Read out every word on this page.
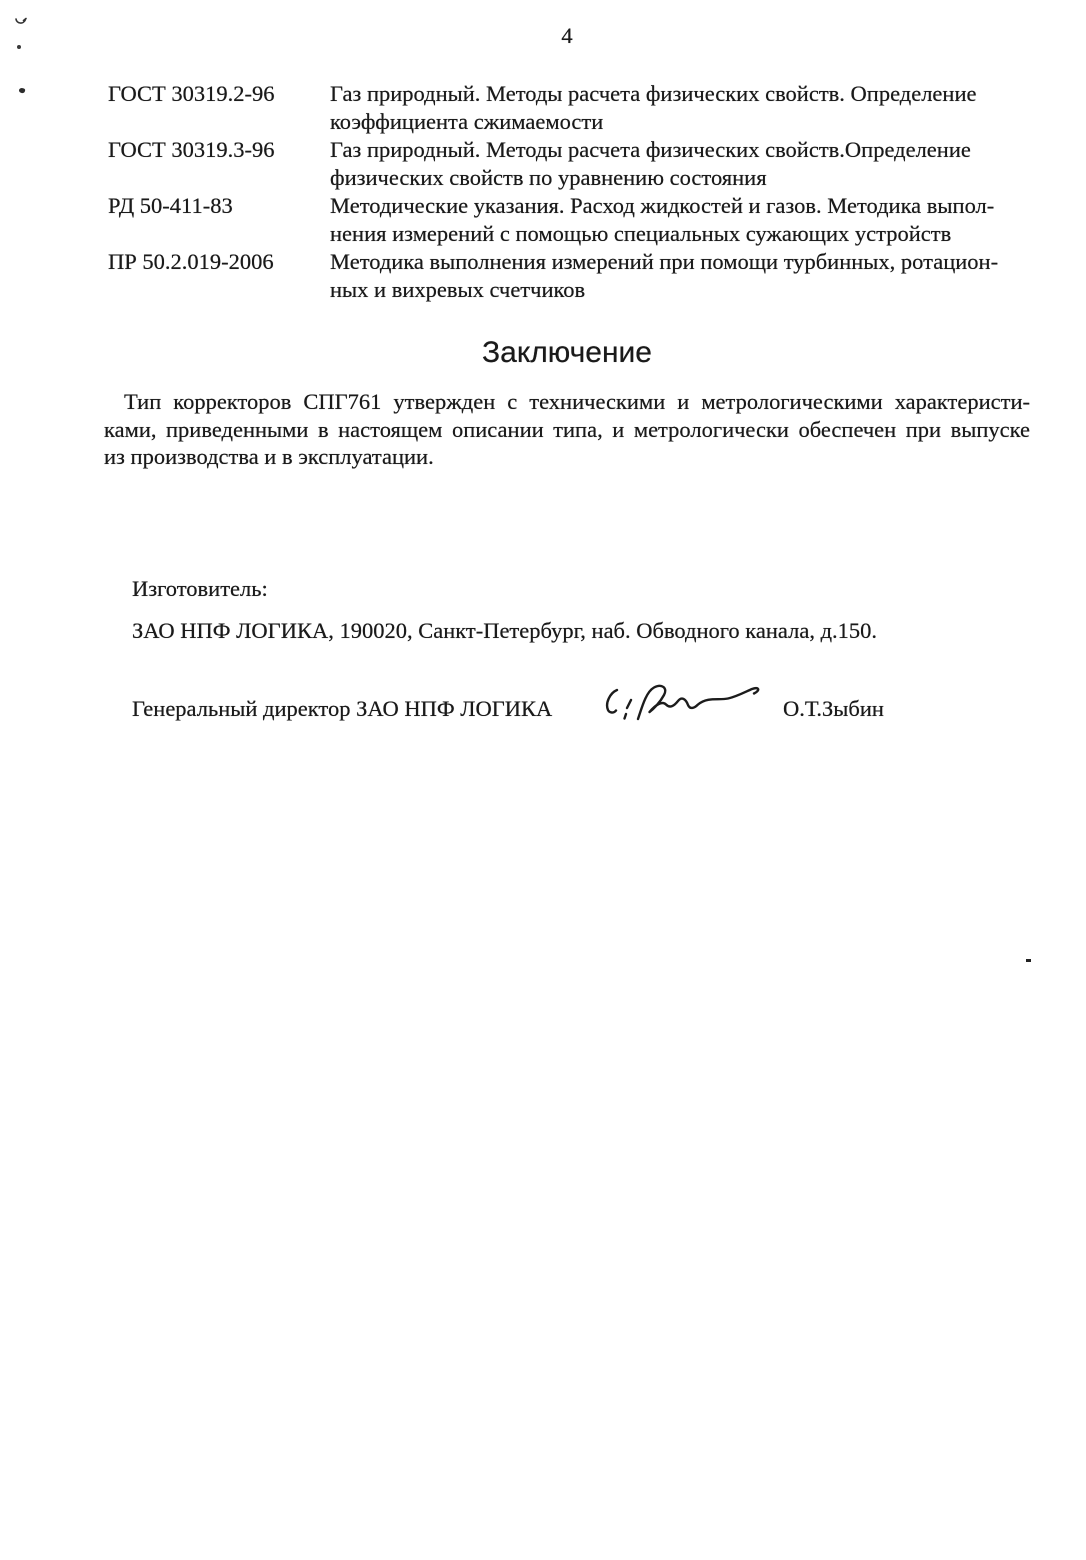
4
ГОСТ 30319.2-96	Газ природный. Методы расчета физических свойств. Определение
коэффициента сжимаемости
ГОСТ 30319.3-96	Газ природный. Методы расчета физических свойств.Определение
физических свойств по уравнению состояния
РД 50-411-83	Методические указания. Расход жидкостей и газов. Методика выпол-
нения измерений с помощью специальных сужающих устройств
ПР 50.2.019-2006	Методика выполнения измерений при помощи турбинных, ротацион-
ных и вихревых счетчиков
Заключение
Тип корректоров СПГ761 утвержден с техническими и метрологическими характеристи-
ками, приведенными в настоящем описании типа, и метрологически обеспечен при выпуске
из производства и в эксплуатации.
Изготовитель:
ЗАО НПФ ЛОГИКА, 190020, Санкт-Петербург, наб. Обводного канала, д.150.
Генеральный директор ЗАО НПФ ЛОГИКА	О.Т.Зыбин
